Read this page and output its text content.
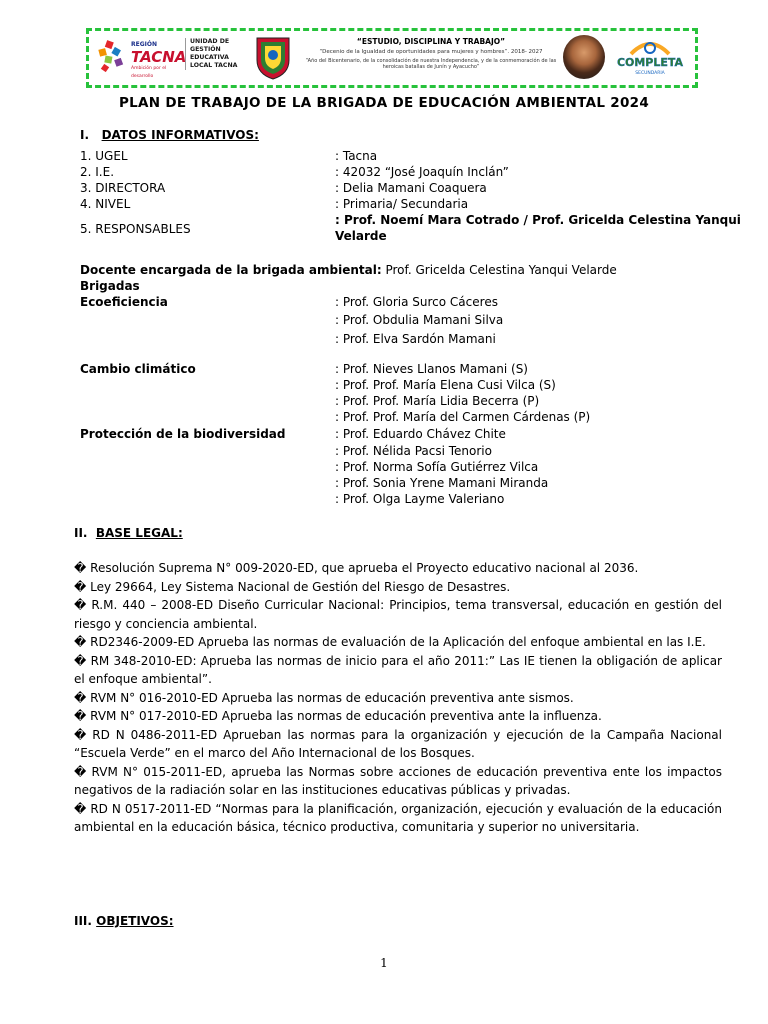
REGIÓN
TACNA
Ambición por el desarrollo
UNIDAD DE
GESTIÓN
EDUCATIVA
LOCAL TACNA
“ESTUDIO, DISCIPLINA Y TRABAJO”
“Decenio de la Igualdad de oportunidades para mujeres y hombres”. 2018- 2027
“Año del Bicentenario, de la consolidación de nuestra Independencia, y de la conmemoración de las heroicas batallas de Junín y Ayacucho”	COMPLETA
SECUNDARIA
PLAN DE TRABAJO DE LA BRIGADA DE EDUCACIÓN AMBIENTAL 2024
I. DATOS INFORMATIVOS:
1. UGEL	: Tacna
2. I.E.	: 42032 “José Joaquín Inclán”
3. DIRECTORA	: Delia Mamani Coaquera
4. NIVEL	: Primaria/ Secundaria
5. RESPONSABLES
: Prof. Noemí Mara Cotrado / Prof. Gricelda Celestina Yanqui
Velarde
Docente encargada de la brigada ambiental: Prof. Gricelda Celestina Yanqui Velarde
Brigadas
Ecoeficiencia	: Prof. Gloria Surco Cáceres
: Prof. Obdulia Mamani Silva
: Prof. Elva Sardón Mamani
Cambio climático	: Prof. Nieves Llanos Mamani (S)
: Prof. Prof. María Elena Cusi Vilca (S)
: Prof. Prof. María Lidia Becerra (P)
: Prof. Prof. María del Carmen Cárdenas (P)
Protección de la biodiversidad	: Prof. Eduardo Chávez Chite
: Prof. Nélida Pacsi Tenorio
: Prof. Norma Sofía Gutiérrez Vilca
: Prof. Sonia Yrene Mamani Miranda
: Prof. Olga Layme Valeriano
II. BASE LEGAL:

� Resolución Suprema N° 009-2020-ED, que aprueba el Proyecto educativo nacional al 2036.

� Ley 29664, Ley Sistema Nacional de Gestión del Riesgo de Desastres.

� R.M. 440 – 2008-ED Diseño Curricular Nacional: Principios, tema transversal, educación en gestión del riesgo y conciencia ambiental.

� RD2346-2009-ED Aprueba las normas de evaluación de la Aplicación del enfoque ambiental en las I.E.

� RM 348-2010-ED: Aprueba las normas de inicio para el año 2011:” Las IE tienen la obligación de aplicar el enfoque ambiental”.

� RVM N° 016-2010-ED Aprueba las normas de educación preventiva ante sismos.

� RVM N° 017-2010-ED Aprueba las normas de educación preventiva ante la influenza.

� RD N 0486-2011-ED Aprueban las normas para la organización y ejecución de la Campaña Nacional “Escuela Verde” en el marco del Año Internacional de los Bosques.

� RVM N° 015-2011-ED, aprueba las Normas sobre acciones de educación preventiva ente los impactos negativos de la radiación solar en las instituciones educativas públicas y privadas.

� RD N 0517-2011-ED “Normas para la planificación, organización, ejecución y evaluación de la educación ambiental en la educación básica, técnico productiva, comunitaria y superior no universitaria.

III. OBJETIVOS:
1
